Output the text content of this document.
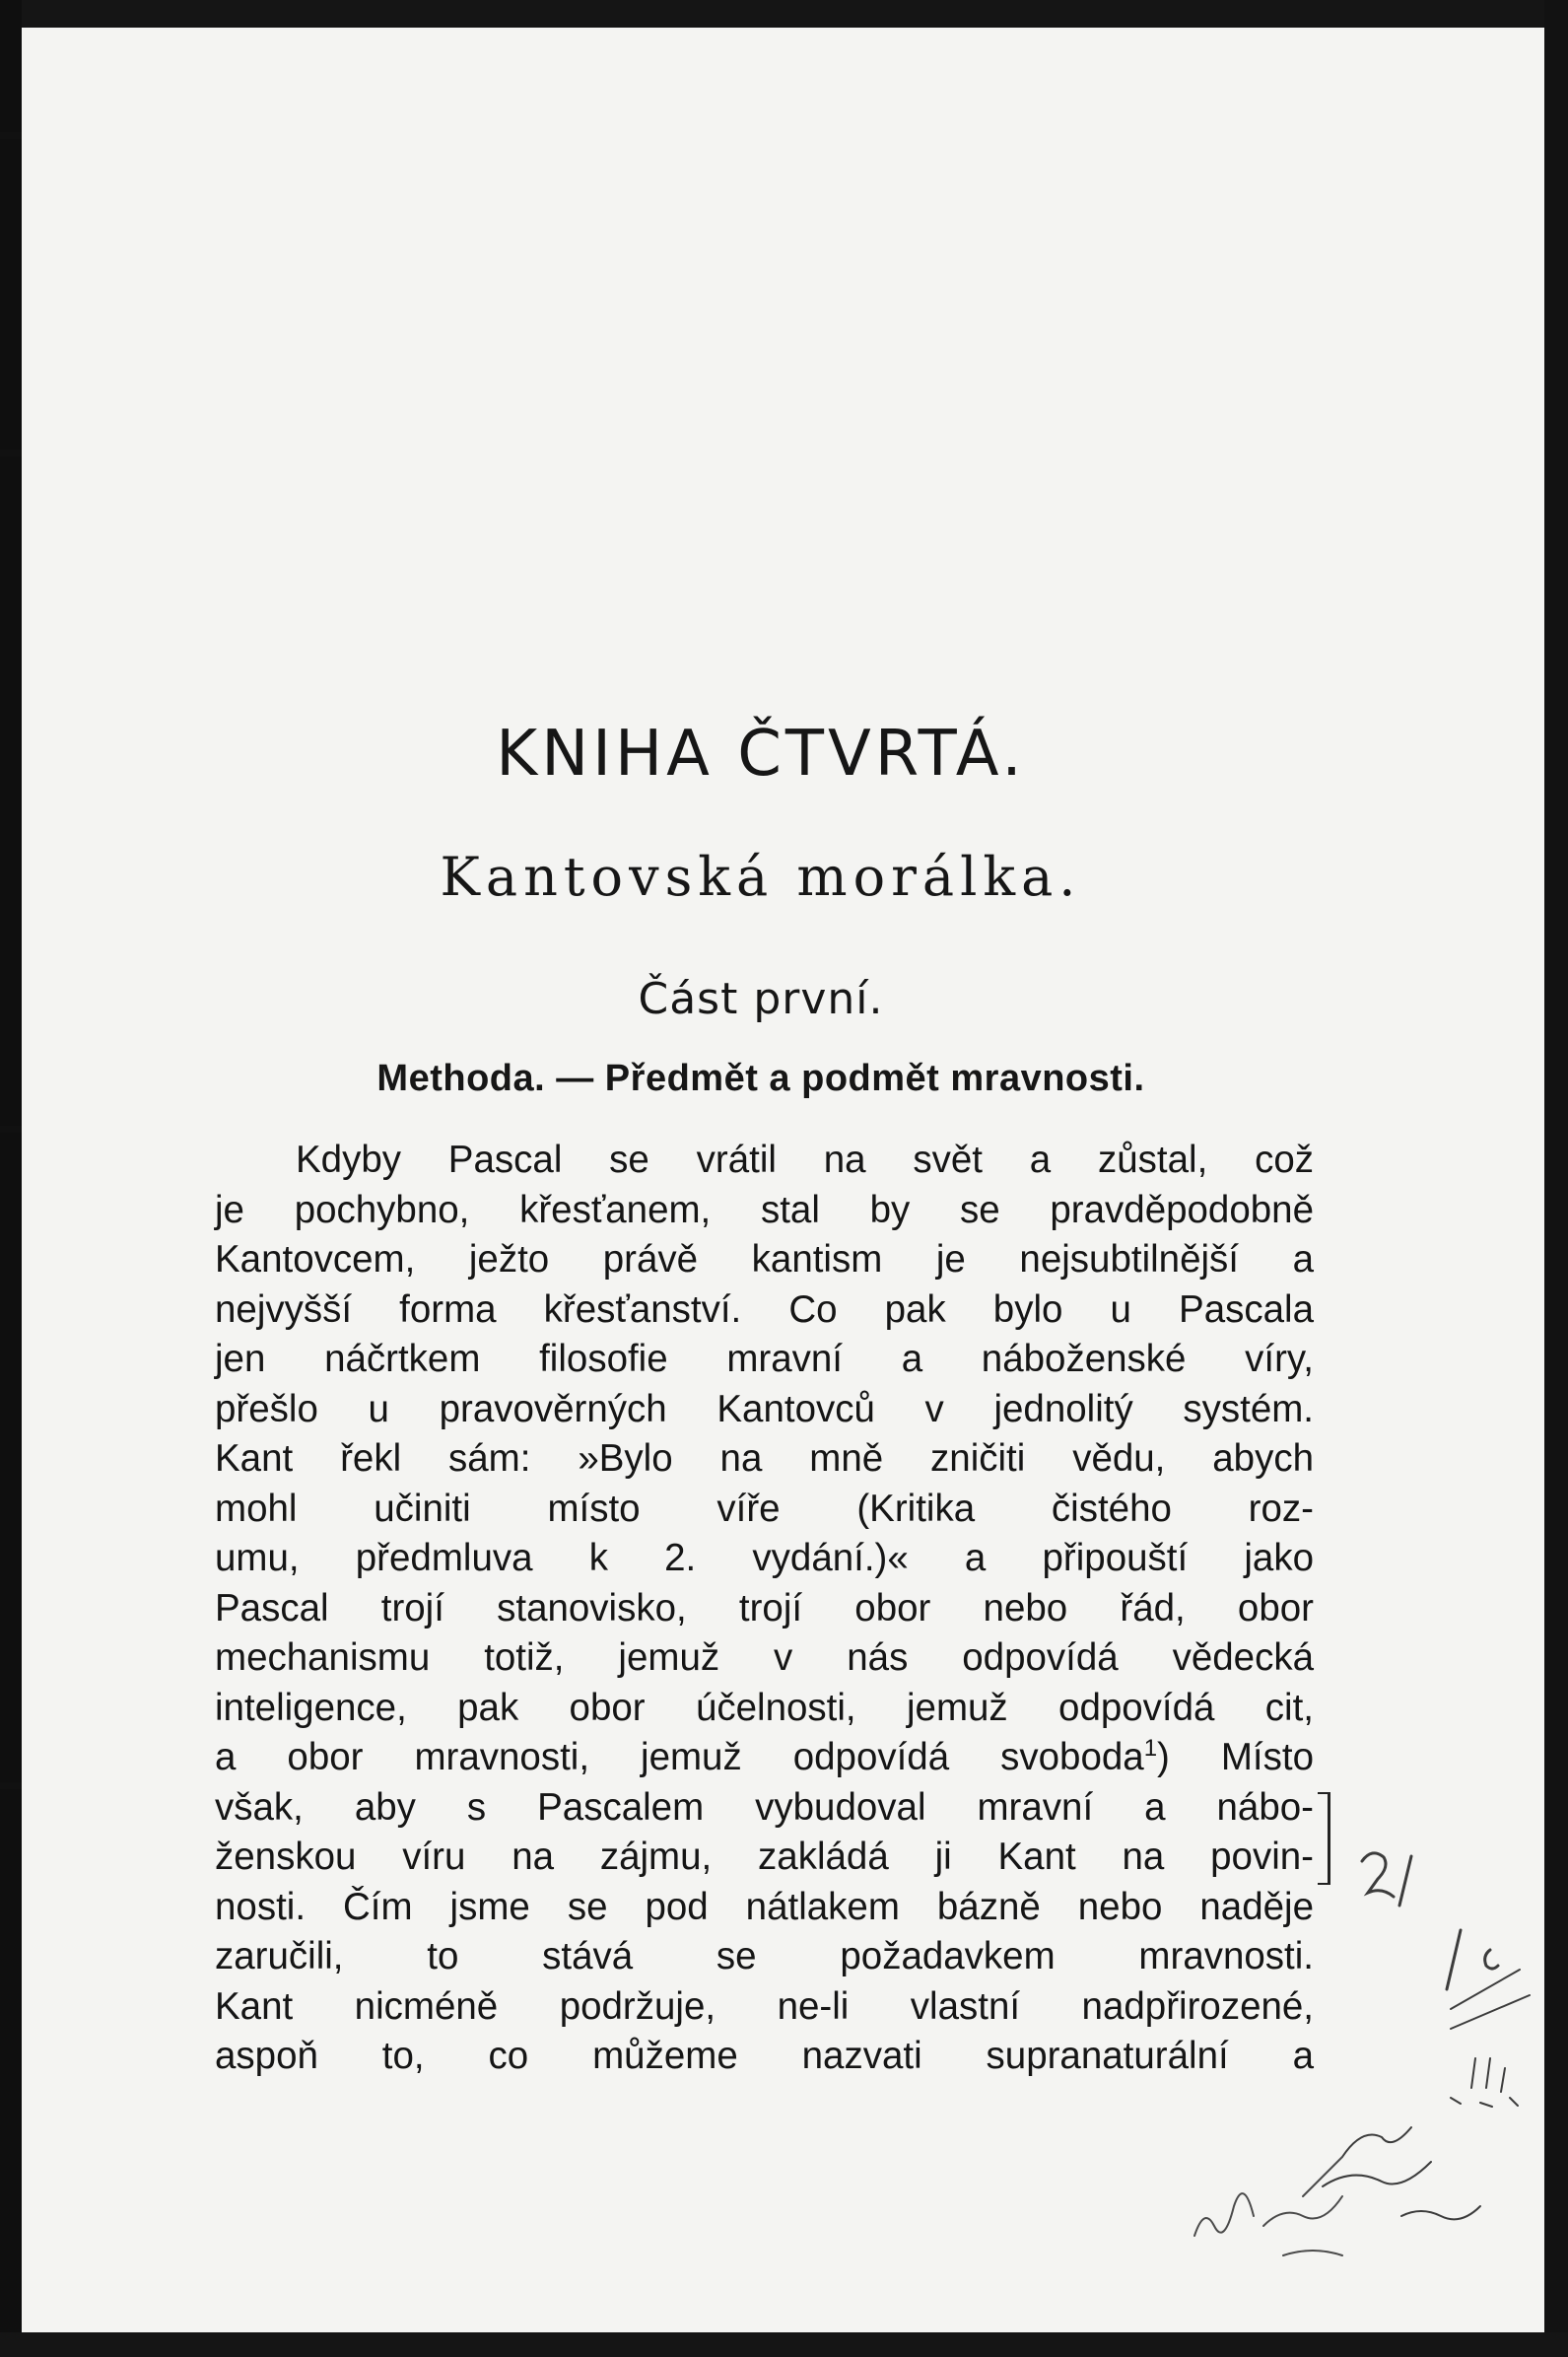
KNIHA ČTVRTÁ.
Kantovská morálka.
Část první.
Methoda. — Předmět a podmět mravnosti.
Kdyby Pascal se vrátil na svět a zůstal, což
je pochybno, křesťanem, stal by se pravděpodobně
Kantovcem, ježto právě kantism je nejsubtilnější a
nejvyšší forma křesťanství. Co pak bylo u Pascala
jen náčrtkem filosofie mravní a náboženské víry,
přešlo u pravověrných Kantovců v jednolitý systém.
Kant řekl sám: »Bylo na mně zničiti vědu, abych
mohl učiniti místo víře (Kritika čistého roz-
umu, předmluva k 2. vydání.)« a připouští jako
Pascal trojí stanovisko, trojí obor nebo řád, obor
mechanismu totiž, jemuž v nás odpovídá vědecká
inteligence, pak obor účelnosti, jemuž odpovídá cit,
a obor mravnosti, jemuž odpovídá svoboda$^1$) Místo
však, aby s Pascalem vybudoval mravní a nábo-
ženskou víru na zájmu, zakládá ji Kant na povin-
nosti. Čím jsme se pod nátlakem bázně nebo naděje
zaručili, to stává se požadavkem mravnosti.
Kant nicméně podržuje, ne-li vlastní nadpřirozené,
aspoň to, co můžeme nazvati supranaturální a
